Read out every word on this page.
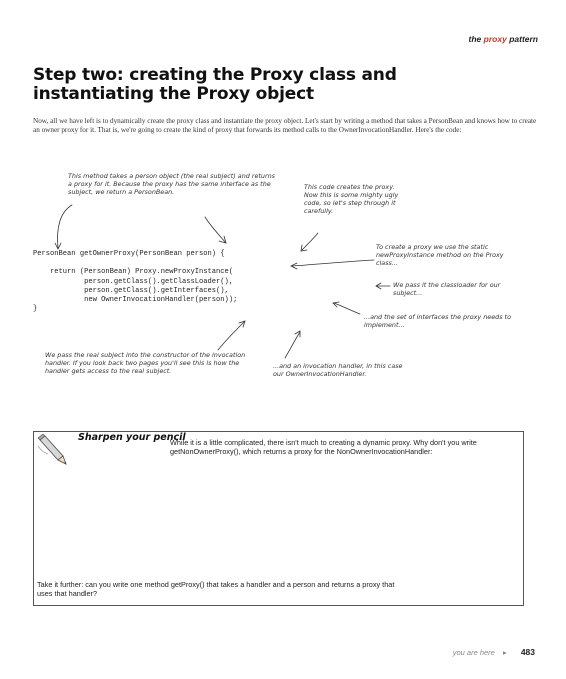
the proxy pattern
Step two: creating the Proxy class and instantiating the Proxy object

Now, all we have left is to dynamically create the proxy class and instantiate the proxy object. Let's start by writing a method that takes a PersonBean and knows how to create an owner proxy for it. That is, we're going to create the kind of proxy that forwards its method calls to the OwnerInvocationHandler. Here's the code:

This method takes a person object (the real subject) and returns a proxy for it. Because the proxy has the same interface as the subject, we return a PersonBean.
This code creates the proxy. Now this is some mighty ugly code, so let's step through it carefully.
To create a proxy we use the static newProxyInstance method on the Proxy class...
We pass it the classloader for our subject...
...and the set of interfaces the proxy needs to implement...
...and an invocation handler, in this case our OwnerInvocationHandler.
We pass the real subject into the constructor of the invocation handler. If you look back two pages you'll see this is how the handler gets access to the real subject.
PersonBean getOwnerProxy(PersonBean person) {
return (PersonBean) Proxy.newProxyInstance(
person.getClass().getClassLoader(),
person.getClass().getInterfaces(),
new OwnerInvocationHandler(person));
}
Sharpen your pencil

While it is a little complicated, there isn't much to creating a dynamic proxy. Why don't you write getNonOwnerProxy(), which returns a proxy for the NonOwnerInvocationHandler:

Take it further: can you write one method getProxy() that takes a handler and a person and returns a proxy that uses that handler?

you are here ▸ 483
